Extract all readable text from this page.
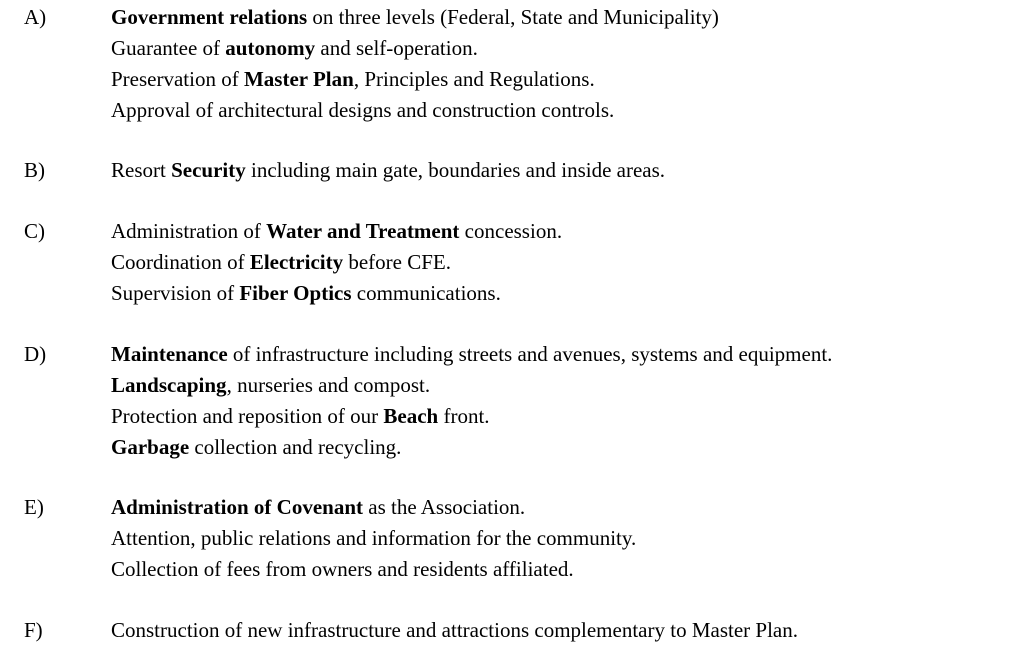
A)	Government relations on three levels (Federal, State and Municipality)
Guarantee of autonomy and self-operation.
Preservation of Master Plan, Principles and Regulations.
Approval of architectural designs and construction controls.
B)	Resort Security including main gate, boundaries and inside areas.
C)	Administration of Water and Treatment concession.
Coordination of Electricity before CFE.
Supervision of Fiber Optics communications.
D)	Maintenance of infrastructure including streets and avenues, systems and equipment.
Landscaping, nurseries and compost.
Protection and reposition of our Beach front.
Garbage collection and recycling.
E)	Administration of Covenant as the Association.
Attention, public relations and information for the community.
Collection of fees from owners and residents affiliated.
F)	Construction of new infrastructure and attractions complementary to Master Plan.
